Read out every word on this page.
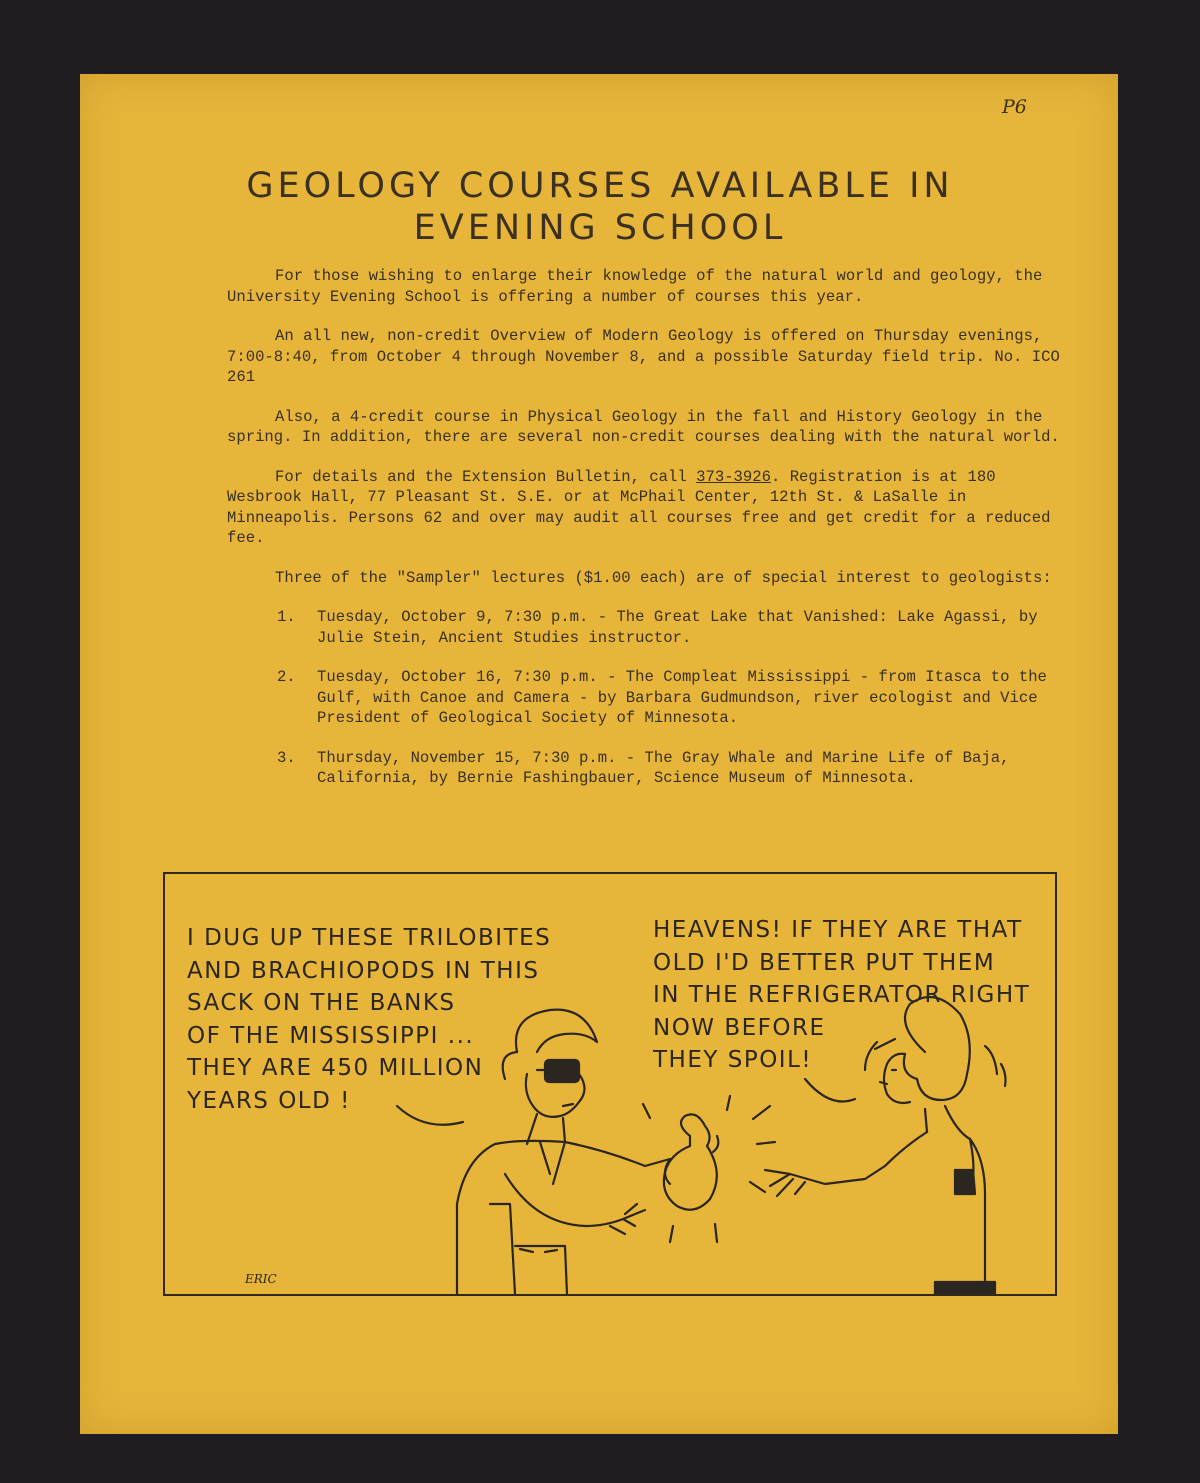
P6
GEOLOGY COURSES AVAILABLE IN
EVENING SCHOOL

For those wishing to enlarge their knowledge of the natural world and geology, the University Evening School is offering a number of courses this year.

An all new, non-credit Overview of Modern Geology is offered on Thursday evenings, 7:00-8:40, from October 4 through November 8, and a possible Saturday field trip. No. ICO 261

Also, a 4-credit course in Physical Geology in the fall and History Geology in the spring. In addition, there are several non-credit courses dealing with the natural world.

For details and the Extension Bulletin, call 373-3926. Registration is at 180 Wesbrook Hall, 77 Pleasant St. S.E. or at McPhail Center, 12th St. & LaSalle in Minneapolis. Persons 62 and over may audit all courses free and get credit for a reduced fee.

Three of the "Sampler" lectures ($1.00 each) are of special interest to geologists:

1.	Tuesday, October 9, 7:30 p.m. - The Great Lake that Vanished: Lake Agassi, by Julie Stein, Ancient Studies instructor.
2.	Tuesday, October 16, 7:30 p.m. - The Compleat Mississippi - from Itasca to the Gulf, with Canoe and Camera - by Barbara Gudmundson, river ecologist and Vice President of Geological Society of Minnesota.
3.	Thursday, November 15, 7:30 p.m. - The Gray Whale and Marine Life of Baja, California, by Bernie Fashingbauer, Science Museum of Minnesota.
I DUG UP THESE TRILOBITES
AND BRACHIOPODS IN THIS
SACK ON THE BANKS
OF THE MISSISSIPPI ...
THEY ARE 450 MILLION
YEARS OLD !
HEAVENS! IF THEY ARE THAT
OLD I'D BETTER PUT THEM
IN THE REFRIGERATOR RIGHT
NOW BEFORE
THEY SPOIL!
ERIC
